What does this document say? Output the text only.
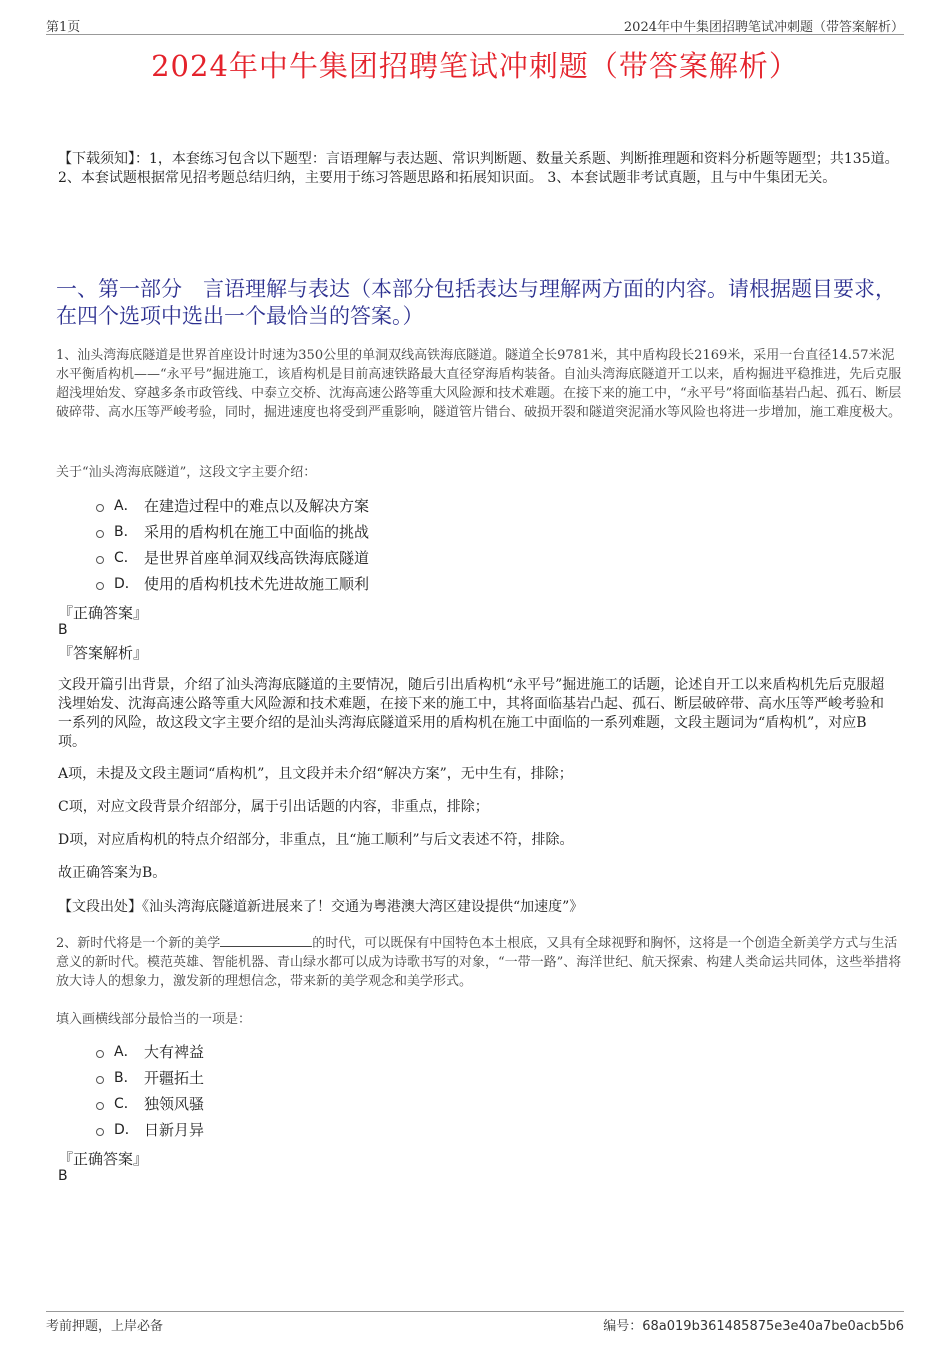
第1页	2024年中牛集团招聘笔试冲刺题（带答案解析）
2024年中牛集团招聘笔试冲刺题（带答案解析）
【下载须知】：1，本套练习包含以下题型：言语理解与表达题、常识判断题、数量关系题、判断推理题和资料分析题等题型；共135道。 2、本套试题根据常见招考题总结归纳，主要用于练习答题思路和拓展知识面。 3、本套试题非考试真题，且与中牛集团无关。
一、第一部分　言语理解与表达（本部分包括表达与理解两方面的内容。请根据题目要求，在四个选项中选出一个最恰当的答案。）
1、汕头湾海底隧道是世界首座设计时速为350公里的单洞双线高铁海底隧道。隧道全长9781米，其中盾构段长2169米，采用一台直径14.57米泥水平衡盾构机——“永平号”掘进施工，该盾构机是目前高速铁路最大直径穿海盾构装备。自汕头湾海底隧道开工以来，盾构掘进平稳推进，先后克服超浅埋始发、穿越多条市政管线、中泰立交桥、沈海高速公路等重大风险源和技术难题。在接下来的施工中，“永平号”将面临基岩凸起、孤石、断层破碎带、高水压等严峻考验，同时，掘进速度也将受到严重影响，隧道管片错台、破损开裂和隧道突泥涌水等风险也将进一步增加，施工难度极大。
关于“汕头湾海底隧道”，这段文字主要介绍：
A． 在建造过程中的难点以及解决方案
B． 采用的盾构机在施工中面临的挑战
C． 是世界首座单洞双线高铁海底隧道
D． 使用的盾构机技术先进故施工顺利
『正确答案』
B
『答案解析』
文段开篇引出背景，介绍了汕头湾海底隧道的主要情况，随后引出盾构机“永平号”掘进施工的话题，论述自开工以来盾构机先后克服超浅埋始发、沈海高速公路等重大风险源和技术难题，在接下来的施工中，其将面临基岩凸起、孤石、断层破碎带、高水压等严峻考验和一系列的风险，故这段文字主要介绍的是汕头湾海底隧道采用的盾构机在施工中面临的一系列难题，文段主题词为“盾构机”，对应B项。
A项，未提及文段主题词“盾构机”，且文段并未介绍“解决方案”，无中生有，排除；
C项，对应文段背景介绍部分，属于引出话题的内容，非重点，排除；
D项，对应盾构机的特点介绍部分，非重点，且“施工顺利”与后文表述不符，排除。
故正确答案为B。
【文段出处】《汕头湾海底隧道新进展来了！交通为粤港澳大湾区建设提供“加速度”》
2、新时代将是一个新的美学	的时代，可以既保有中国特色本土根底，又具有全球视野和胸怀，这将是一个创造全新美学方式与生活意义的新时代。模范英雄、智能机器、青山绿水都可以成为诗歌书写的对象，“一带一路”、海洋世纪、航天探索、构建人类命运共同体，这些举措将放大诗人的想象力，激发新的理想信念，带来新的美学观念和美学形式。
填入画横线部分最恰当的一项是：
A． 大有裨益
B． 开疆拓土
C． 独领风骚
D． 日新月异
『正确答案』
B
考前押题，上岸必备	编号：68a019b361485875e3e40a7be0acb5b6
